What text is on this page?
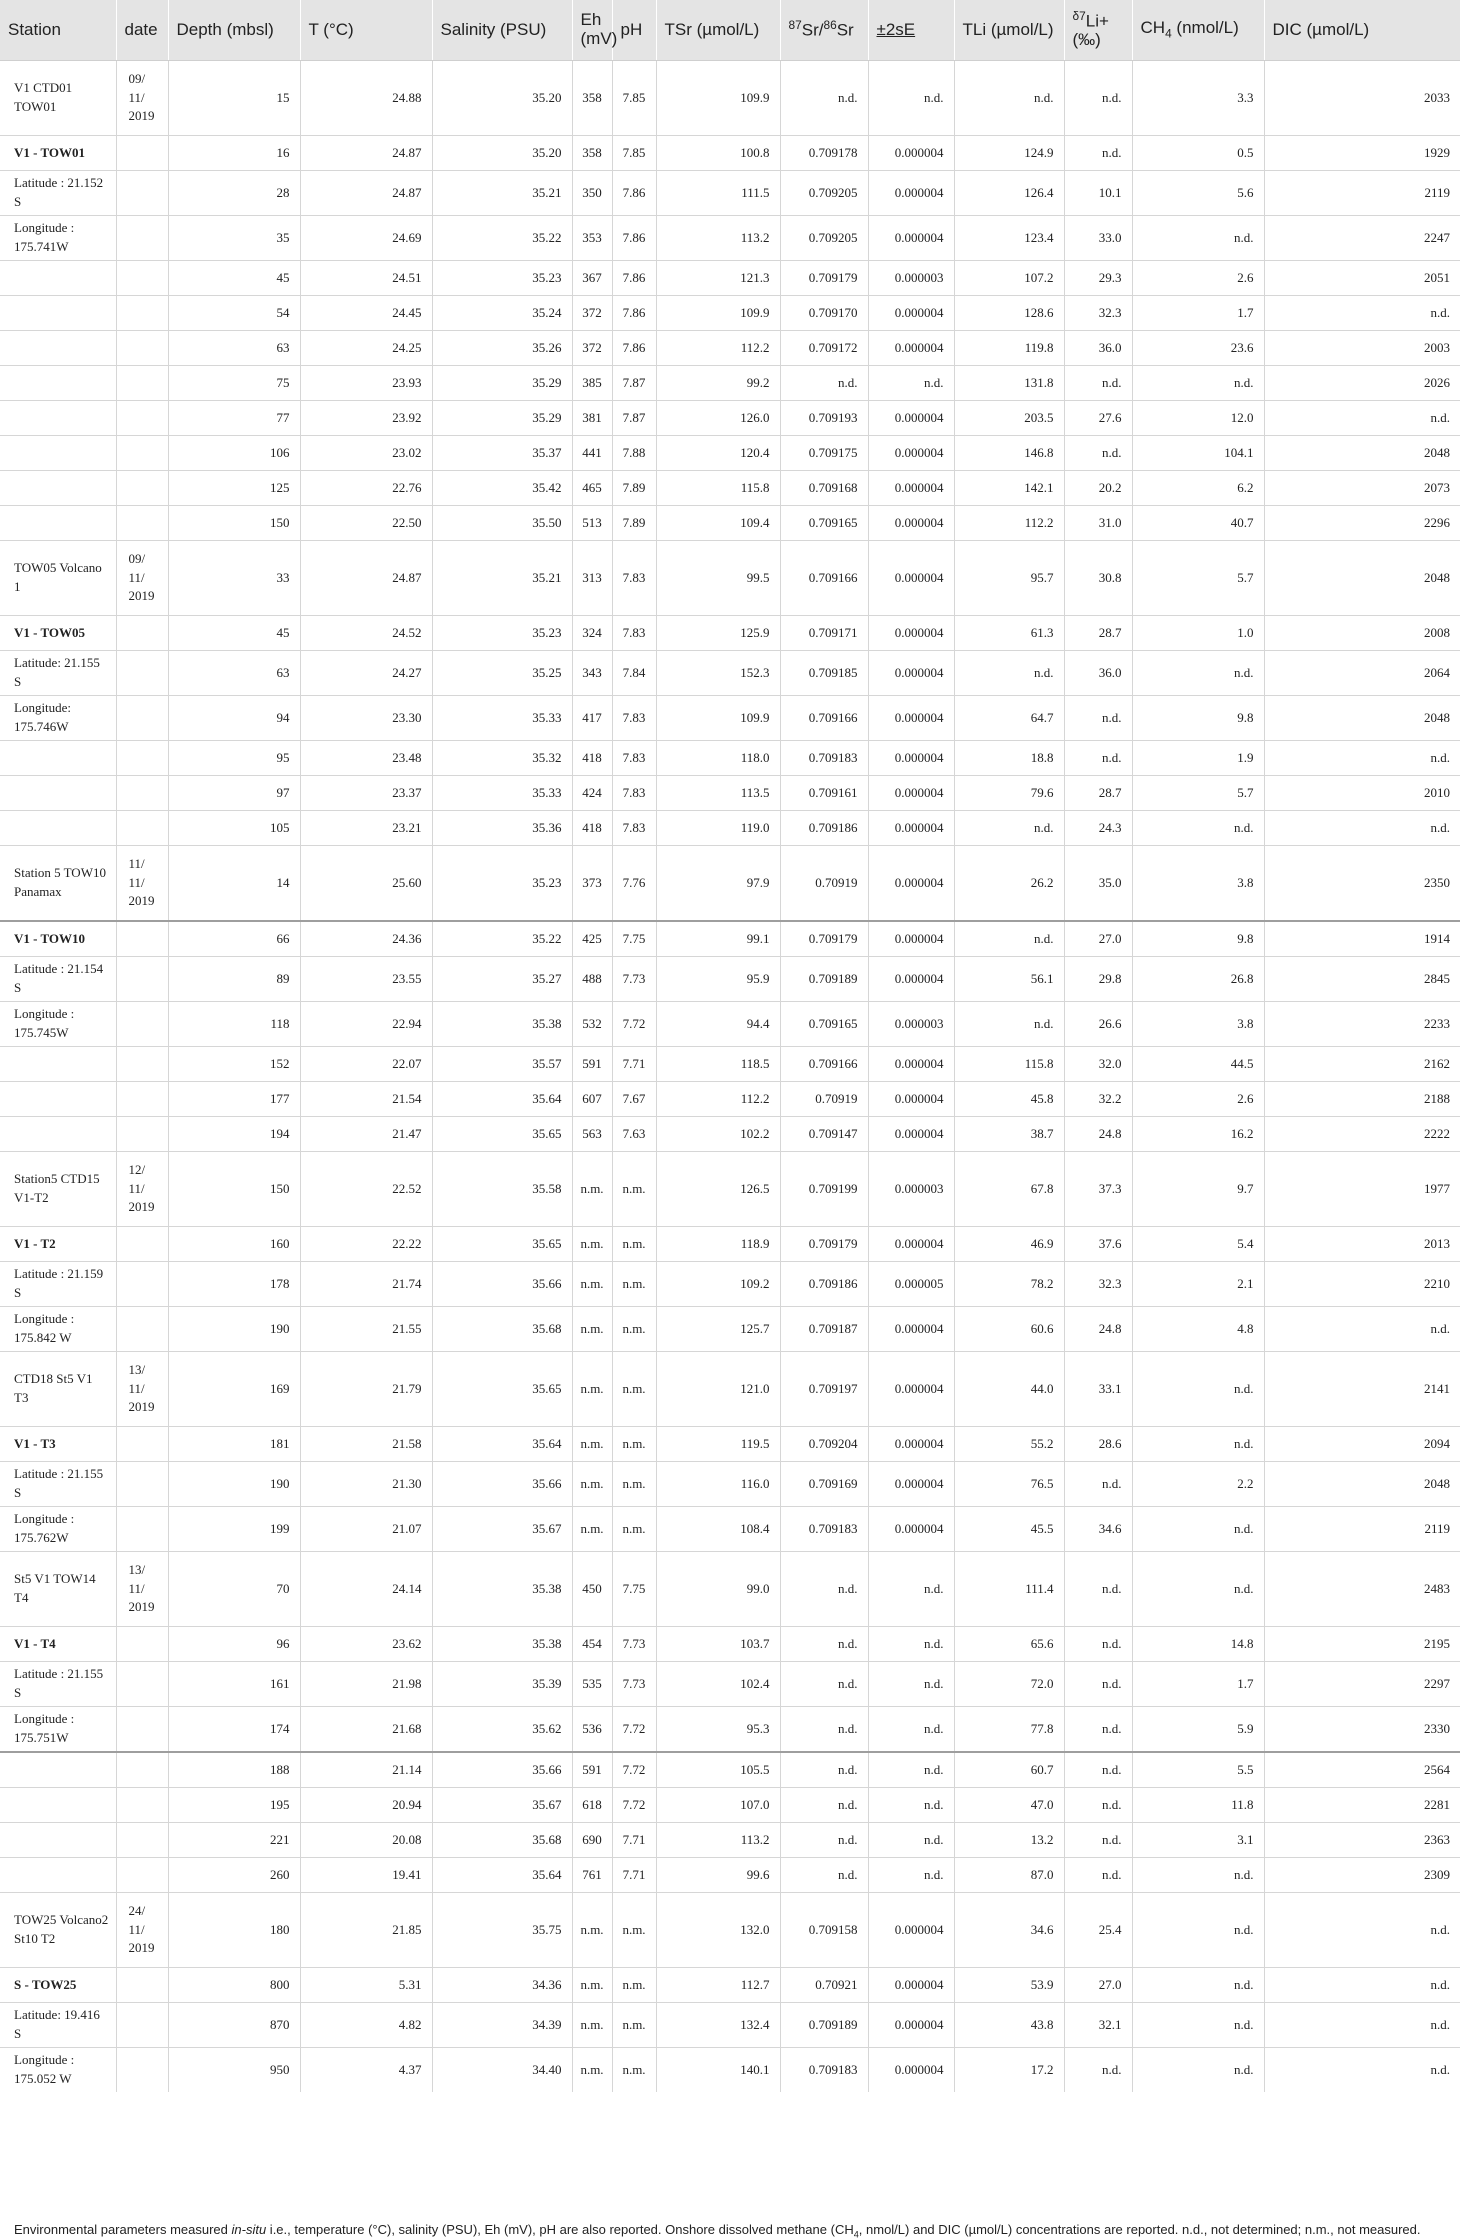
Station	date	Depth (mbsl)	T (°C)	Salinity (PSU)	Eh (mV)	pH	TSr (µmol/L)	$^{87}$Sr/$^{86}$Sr	±2sE	TLi (µmol/L)	$^{\delta 7}$Li+ (‰)	$CH_4$ (nmol/L)	DIC (µmol/L)
V1 CTD01 TOW01	09/ 11/ 2019	15	24.88	35.20	358	7.85	109.9	n.d.	n.d.	n.d.	n.d.	3.3	2033
V1 - TOW01		16	24.87	35.20	358	7.85	100.8	0.709178	0.000004	124.9	n.d.	0.5	1929
Latitude : 21.152 S		28	24.87	35.21	350	7.86	111.5	0.709205	0.000004	126.4	10.1	5.6	2119
Longitude : 175.741W		35	24.69	35.22	353	7.86	113.2	0.709205	0.000004	123.4	33.0	n.d.	2247
		45	24.51	35.23	367	7.86	121.3	0.709179	0.000003	107.2	29.3	2.6	2051
		54	24.45	35.24	372	7.86	109.9	0.709170	0.000004	128.6	32.3	1.7	n.d.
		63	24.25	35.26	372	7.86	112.2	0.709172	0.000004	119.8	36.0	23.6	2003
		75	23.93	35.29	385	7.87	99.2	n.d.	n.d.	131.8	n.d.	n.d.	2026
		77	23.92	35.29	381	7.87	126.0	0.709193	0.000004	203.5	27.6	12.0	n.d.
		106	23.02	35.37	441	7.88	120.4	0.709175	0.000004	146.8	n.d.	104.1	2048
		125	22.76	35.42	465	7.89	115.8	0.709168	0.000004	142.1	20.2	6.2	2073
		150	22.50	35.50	513	7.89	109.4	0.709165	0.000004	112.2	31.0	40.7	2296
TOW05 Volcano 1	09/ 11/ 2019	33	24.87	35.21	313	7.83	99.5	0.709166	0.000004	95.7	30.8	5.7	2048
V1 - TOW05		45	24.52	35.23	324	7.83	125.9	0.709171	0.000004	61.3	28.7	1.0	2008
Latitude: 21.155 S		63	24.27	35.25	343	7.84	152.3	0.709185	0.000004	n.d.	36.0	n.d.	2064
Longitude: 175.746W		94	23.30	35.33	417	7.83	109.9	0.709166	0.000004	64.7	n.d.	9.8	2048
		95	23.48	35.32	418	7.83	118.0	0.709183	0.000004	18.8	n.d.	1.9	n.d.
		97	23.37	35.33	424	7.83	113.5	0.709161	0.000004	79.6	28.7	5.7	2010
		105	23.21	35.36	418	7.83	119.0	0.709186	0.000004	n.d.	24.3	n.d.	n.d.
Station 5 TOW10 Panamax	11/ 11/ 2019	14	25.60	35.23	373	7.76	97.9	0.70919	0.000004	26.2	35.0	3.8	2350
V1 - TOW10		66	24.36	35.22	425	7.75	99.1	0.709179	0.000004	n.d.	27.0	9.8	1914
Latitude : 21.154 S		89	23.55	35.27	488	7.73	95.9	0.709189	0.000004	56.1	29.8	26.8	2845
Longitude : 175.745W		118	22.94	35.38	532	7.72	94.4	0.709165	0.000003	n.d.	26.6	3.8	2233
		152	22.07	35.57	591	7.71	118.5	0.709166	0.000004	115.8	32.0	44.5	2162
		177	21.54	35.64	607	7.67	112.2	0.70919	0.000004	45.8	32.2	2.6	2188
		194	21.47	35.65	563	7.63	102.2	0.709147	0.000004	38.7	24.8	16.2	2222
Station5 CTD15 V1-T2	12/ 11/ 2019	150	22.52	35.58	n.m.	n.m.	126.5	0.709199	0.000003	67.8	37.3	9.7	1977
V1 - T2		160	22.22	35.65	n.m.	n.m.	118.9	0.709179	0.000004	46.9	37.6	5.4	2013
Latitude : 21.159 S		178	21.74	35.66	n.m.	n.m.	109.2	0.709186	0.000005	78.2	32.3	2.1	2210
Longitude : 175.842 W		190	21.55	35.68	n.m.	n.m.	125.7	0.709187	0.000004	60.6	24.8	4.8	n.d.
CTD18 St5 V1 T3	13/ 11/ 2019	169	21.79	35.65	n.m.	n.m.	121.0	0.709197	0.000004	44.0	33.1	n.d.	2141
V1 - T3		181	21.58	35.64	n.m.	n.m.	119.5	0.709204	0.000004	55.2	28.6	n.d.	2094
Latitude : 21.155 S		190	21.30	35.66	n.m.	n.m.	116.0	0.709169	0.000004	76.5	n.d.	2.2	2048
Longitude : 175.762W		199	21.07	35.67	n.m.	n.m.	108.4	0.709183	0.000004	45.5	34.6	n.d.	2119
St5 V1 TOW14 T4	13/ 11/ 2019	70	24.14	35.38	450	7.75	99.0	n.d.	n.d.	111.4	n.d.	n.d.	2483
V1 - T4		96	23.62	35.38	454	7.73	103.7	n.d.	n.d.	65.6	n.d.	14.8	2195
Latitude : 21.155 S		161	21.98	35.39	535	7.73	102.4	n.d.	n.d.	72.0	n.d.	1.7	2297
Longitude : 175.751W		174	21.68	35.62	536	7.72	95.3	n.d.	n.d.	77.8	n.d.	5.9	2330
		188	21.14	35.66	591	7.72	105.5	n.d.	n.d.	60.7	n.d.	5.5	2564
		195	20.94	35.67	618	7.72	107.0	n.d.	n.d.	47.0	n.d.	11.8	2281
		221	20.08	35.68	690	7.71	113.2	n.d.	n.d.	13.2	n.d.	3.1	2363
		260	19.41	35.64	761	7.71	99.6	n.d.	n.d.	87.0	n.d.	n.d.	2309
TOW25 Volcano2 St10 T2	24/ 11/ 2019	180	21.85	35.75	n.m.	n.m.	132.0	0.709158	0.000004	34.6	25.4	n.d.	n.d.
S - TOW25		800	5.31	34.36	n.m.	n.m.	112.7	0.70921	0.000004	53.9	27.0	n.d.	n.d.
Latitude: 19.416 S		870	4.82	34.39	n.m.	n.m.	132.4	0.709189	0.000004	43.8	32.1	n.d.	n.d.
Longitude : 175.052 W		950	4.37	34.40	n.m.	n.m.	140.1	0.709183	0.000004	17.2	n.d.	n.d.	n.d.
Environmental parameters measured in-situ i.e., temperature (°C), salinity (PSU), Eh (mV), pH are also reported. Onshore dissolved methane ($CH_4$, nmol/L) and DIC (µmol/L) concentrations are reported. n.d., not determined; n.m., not measured.
